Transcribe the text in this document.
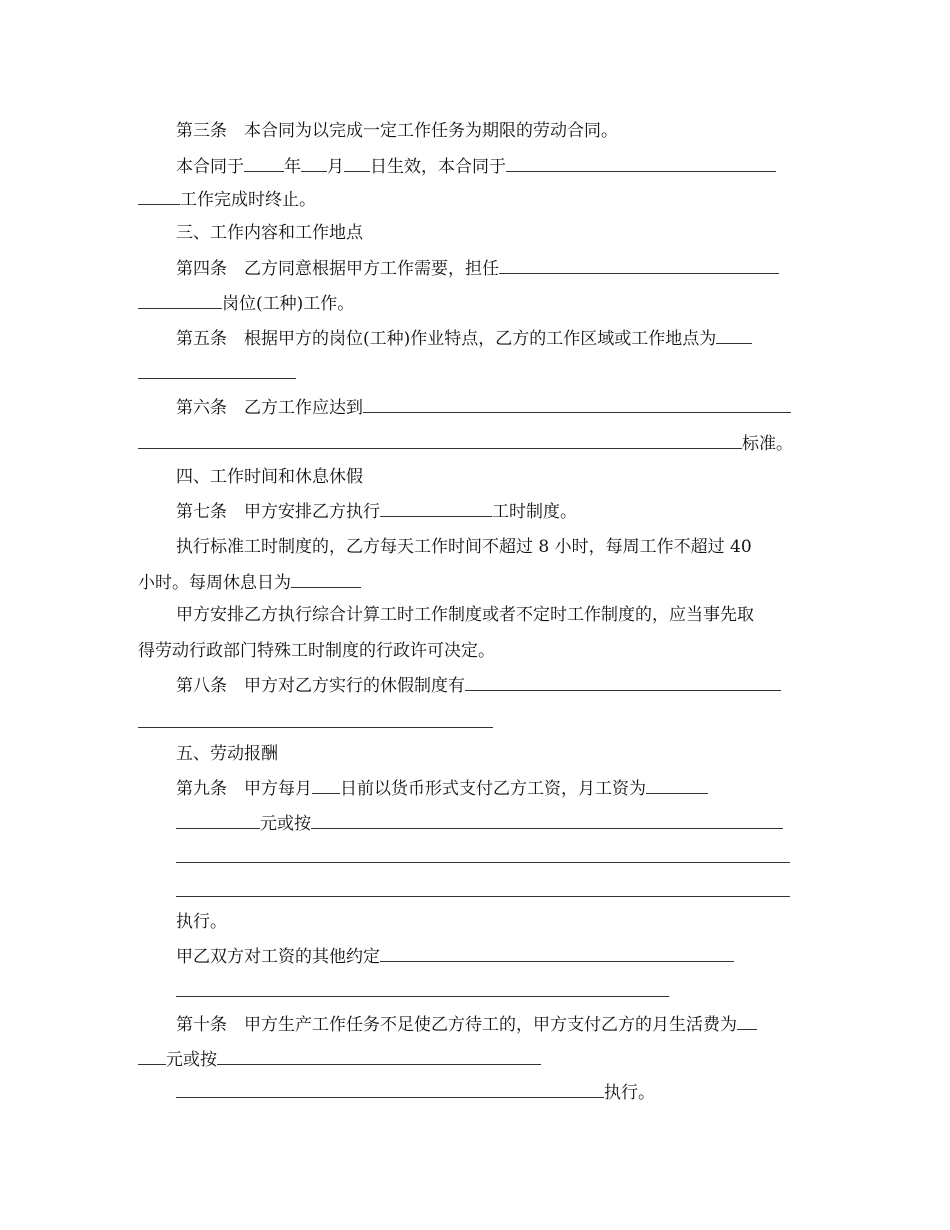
第三条　本合同为以完成一定工作任务为期限的劳动合同。
本合同于 年 月 日生效，本合同于
工作完成时终止。
三、工作内容和工作地点
第四条　乙方同意根据甲方工作需要，担任
岗位(工种)工作。
第五条　根据甲方的岗位(工种)作业特点，乙方的工作区域或工作地点为
第六条　乙方工作应达到
标准。
四、工作时间和休息休假
第七条　甲方安排乙方执行	工时制度。
执行标准工时制度的，乙方每天工作时间不超过 8 小时，每周工作不超过 40
小时。每周休息日为
甲方安排乙方执行综合计算工时工作制度或者不定时工作制度的，应当事先取
得劳动行政部门特殊工时制度的行政许可决定。
第八条　甲方对乙方实行的休假制度有
五、劳动报酬
第九条　甲方每月 日前以货币形式支付乙方工资，月工资为
元或按
执行。
甲乙双方对工资的其他约定
第十条　甲方生产工作任务不足使乙方待工的，甲方支付乙方的月生活费为
元或按
执行。
